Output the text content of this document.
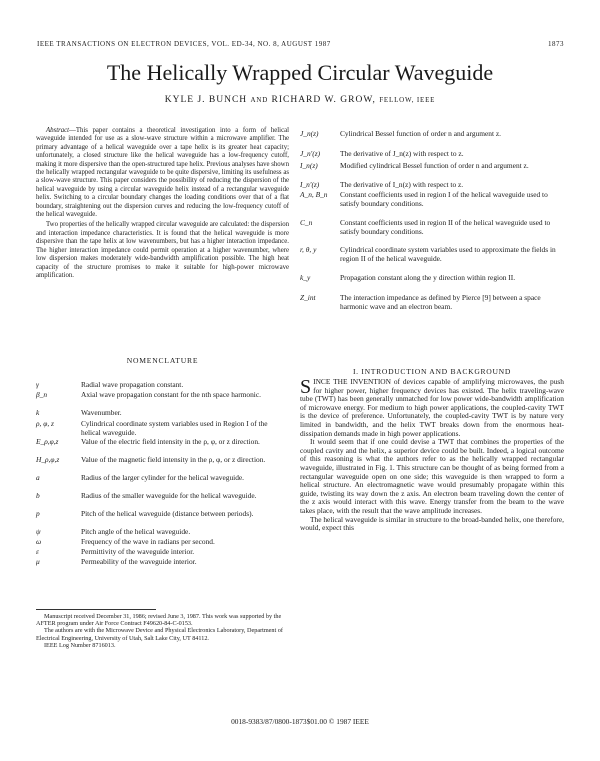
IEEE TRANSACTIONS ON ELECTRON DEVICES, VOL. ED-34, NO. 8, AUGUST 1987	1873
The Helically Wrapped Circular Waveguide
KYLE J. BUNCH AND RICHARD W. GROW, FELLOW, IEEE

Abstract—This paper contains a theoretical investigation into a form of helical waveguide intended for use as a slow-wave structure within a microwave amplifier. The primary advantage of a helical waveguide over a tape helix is its greater heat capacity; unfortunately, a closed structure like the helical waveguide has a low-frequency cutoff, making it more dispersive than the open-structured tape helix. Previous analyses have shown the helically wrapped rectangular waveguide to be quite dispersive, limiting its usefulness as a slow-wave structure. This paper considers the possibility of reducing the dispersion of the helical waveguide by using a circular waveguide helix instead of a rectangular waveguide helix. Switching to a circular boundary changes the loading conditions over that of a flat boundary, straightening out the dispersion curves and reducing the low-frequency cutoff of the helical waveguide.

Two properties of the helically wrapped circular waveguide are calculated: the dispersion and interaction impedance characteristics. It is found that the helical waveguide is more dispersive than the tape helix at low wavenumbers, but has a higher interaction impedance. The higher interaction impedance could permit operation at a higher wavenumber, where low dispersion makes moderately wide-bandwidth amplification possible. The high heat capacity of the structure promises to make it suitable for high-power microwave amplification.

NOMENCLATURE
γ	Radial wave propagation constant.
β_n	Axial wave propagation constant for the nth space harmonic.
k	Wavenumber.
ρ, φ, z	Cylindrical coordinate system variables used in Region I of the helical waveguide.
E_ρ,φ,z	Value of the electric field intensity in the ρ, φ, or z direction.
H_ρ,φ,z	Value of the magnetic field intensity in the ρ, φ, or z direction.
a	Radius of the larger cylinder for the helical waveguide.
b	Radius of the smaller waveguide for the helical waveguide.
p	Pitch of the helical waveguide (distance between periods).
ψ	Pitch angle of the helical waveguide.
ω	Frequency of the wave in radians per second.
ε	Permittivity of the waveguide interior.
μ	Permeability of the waveguide interior.
J_n(z)	Cylindrical Bessel function of order n and argument z.
J_n′(z)	The derivative of J_n(z) with respect to z.
I_n(z)	Modified cylindrical Bessel function of order n and argument z.
I_n′(z)	The derivative of I_n(z) with respect to z.
A_n, B_n	Constant coefficients used in region I of the helical waveguide used to satisfy boundary conditions.
C_n	Constant coefficients used in region II of the helical waveguide used to satisfy boundary conditions.
r, θ, y	Cylindrical coordinate system variables used to approximate the fields in region II of the helical waveguide.
k_y	Propagation constant along the y direction within region II.
Z_int	The interaction impedance as defined by Pierce [9] between a space harmonic wave and an electron beam.

Manuscript received December 31, 1986; revised June 3, 1987. This work was supported by the AFTER program under Air Force Contract F49620-84-C-0153.

The authors are with the Microwave Device and Physical Electronics Laboratory, Department of Electrical Engineering, University of Utah, Salt Lake City, UT 84112.

IEEE Log Number 8716013.

I. INTRODUCTION AND BACKGROUND

SINCE THE INVENTION of devices capable of amplifying microwaves, the push for higher power, higher frequency devices has existed. The helix traveling-wave tube (TWT) has been generally unmatched for low power wide-bandwidth amplification of microwave energy. For medium to high power applications, the coupled-cavity TWT is the device of preference. Unfortunately, the coupled-cavity TWT is by nature very limited in bandwidth, and the helix TWT breaks down from the enormous heat-dissipation demands made in high power applications.

It would seem that if one could devise a TWT that combines the properties of the coupled cavity and the helix, a superior device could be built. Indeed, a logical outcome of this reasoning is what the authors refer to as the helically wrapped rectangular waveguide, illustrated in Fig. 1. This structure can be thought of as being formed from a rectangular waveguide open on one side; this waveguide is then wrapped to form a helical structure. An electromagnetic wave would presumably propagate within this guide, twisting its way down the z axis. An electron beam traveling down the center of the z axis would interact with this wave. Energy transfer from the beam to the wave takes place, with the result that the wave amplitude increases.

The helical waveguide is similar in structure to the broad-banded helix, one therefore, would, expect this

0018-9383/87/0800-1873$01.00 © 1987 IEEE
